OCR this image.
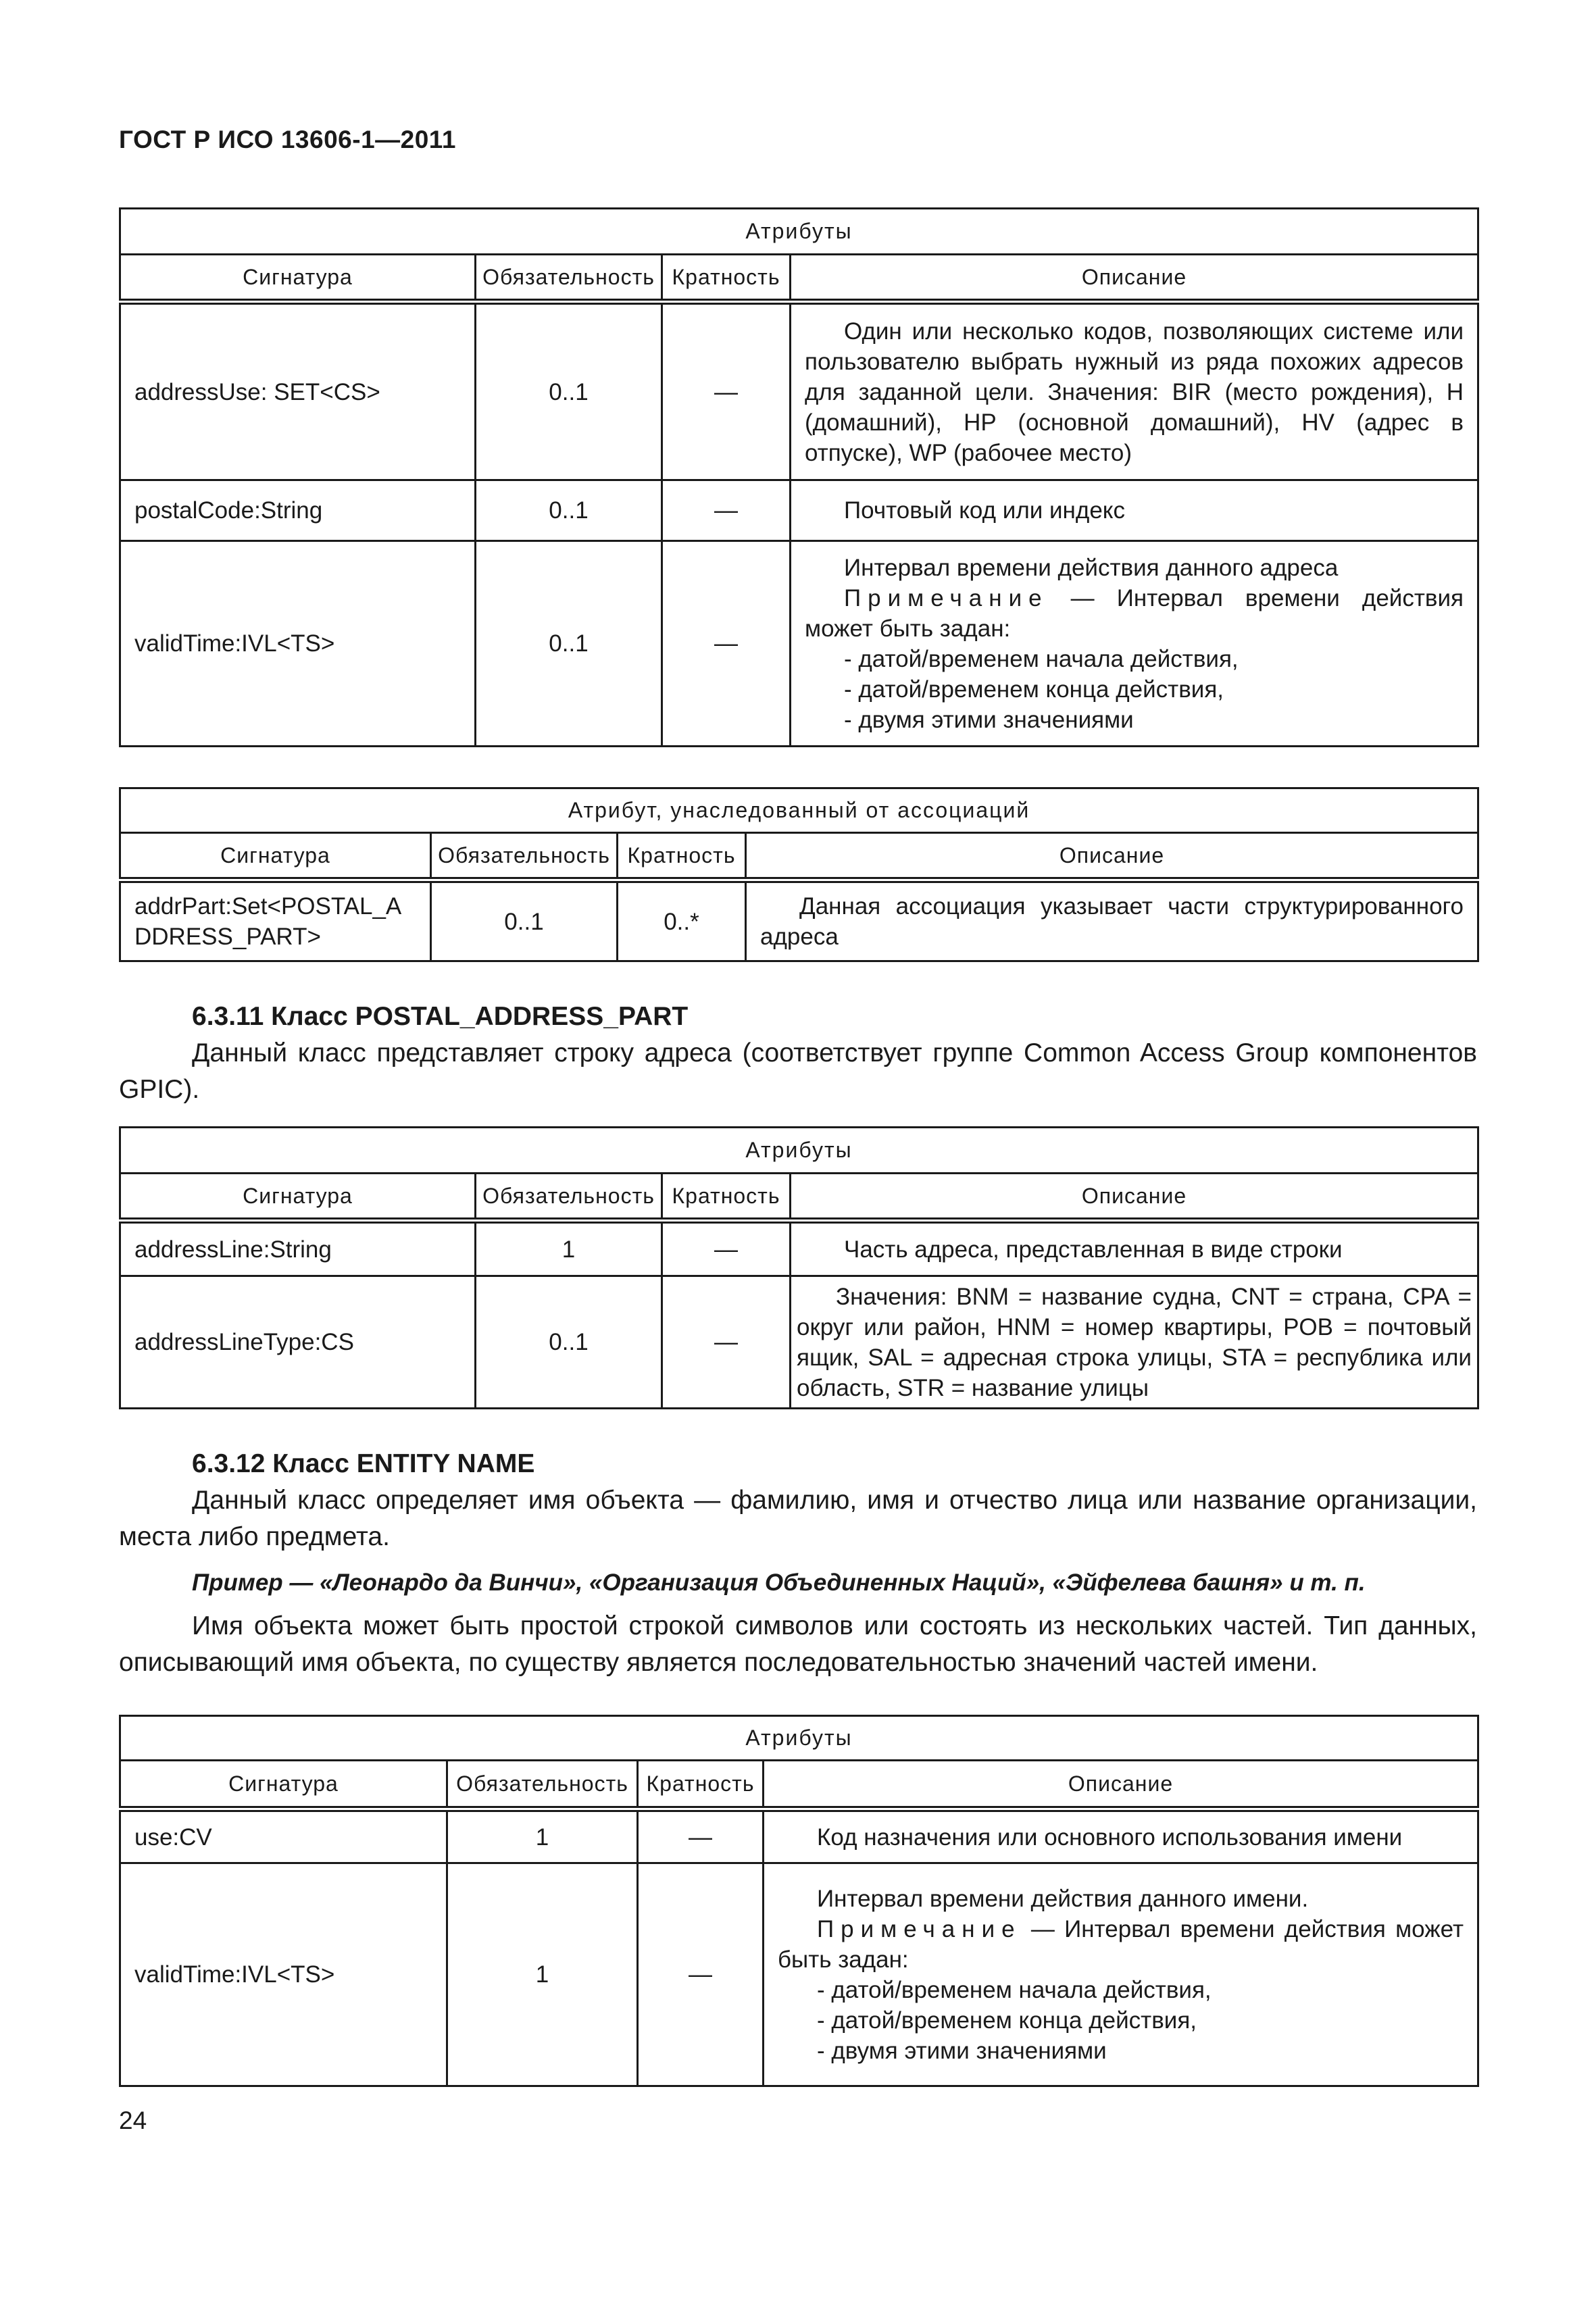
ГОСТ Р ИСО 13606-1—2011
Атрибуты			
Сигнатура	Обязательность	Кратность	Описание
addressUse: SET<CS>	0..1	—	Один или несколько кодов, позволяющих системе или пользователю выбрать нужный из ряда похожих адресов для заданной цели. Значения: BIR (место рождения), H (домашний), HP (основной домашний), HV (адрес в отпуске), WP (рабочее место)

postalCode:String	0..1	—	Почтовый код или индекс

validTime:IVL<TS>	0..1	—	Интервал времени действия данного адреса
Примечание — Интервал времени действия может быть задан:
- датой/временем начала действия,
- датой/временем конца действия,
- двумя этими значениями
Атрибут, унаследованный от ассоциаций			
Сигнатура	Обязательность	Кратность	Описание
addrPart:Set<POSTAL_ADDRESS_PART>	0..1	0..*	Данная ассоциация указывает части структурированного адреса
6.3.11 Класс POSTAL_ADDRESS_PART
Данный класс представляет строку адреса (соответствует группе Common Access Group компонентов GPIC).
Атрибуты			
Сигнатура	Обязательность	Кратность	Описание
addressLine:String	1	—	Часть адреса, представленная в виде строки

addressLineType:CS	0..1	—	Значения: BNM = название судна, CNT = страна, CPA = округ или район, HNM = номер квартиры, POB = почтовый ящик, SAL = адресная строка улицы, STA = республика или область, STR = название улицы
6.3.12 Класс ENTITY NAME
Данный класс определяет имя объекта — фамилию, имя и отчество лица или название организации, места либо предмета.
Пример — «Леонардо да Винчи», «Организация Объединенных Наций», «Эйфелева башня» и т. п.
Имя объекта может быть простой строкой символов или состоять из нескольких частей. Тип данных, описывающий имя объекта, по существу является последовательностью значений частей имени.
Атрибуты			
Сигнатура	Обязательность	Кратность	Описание
use:CV	1	—	Код назначения или основного использования имени

validTime:IVL<TS>	1	—	Интервал времени действия данного имени.
Примечание — Интервал времени действия может быть задан:
- датой/временем начала действия,
- датой/временем конца действия,
- двумя этими значениями
24
